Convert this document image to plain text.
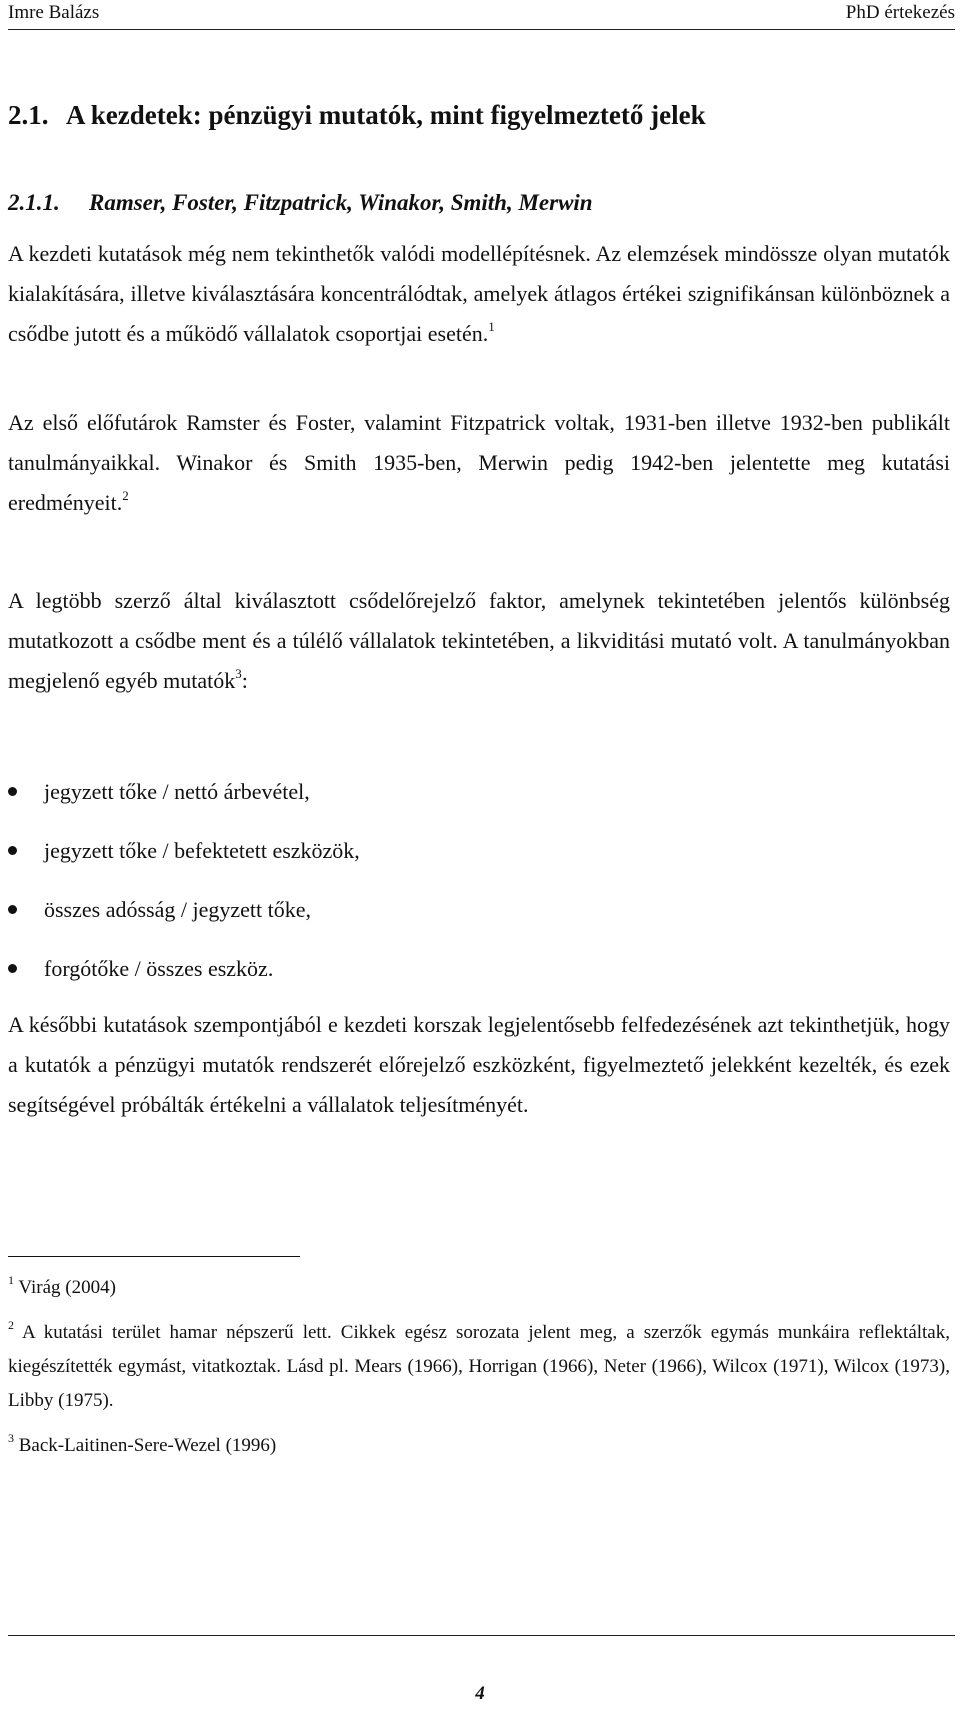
Imre Balázs	PhD értekezés
2.1. A kezdetek: pénzügyi mutatók, mint figyelmeztető jelek
2.1.1. Ramser, Foster, Fitzpatrick, Winakor, Smith, Merwin

A kezdeti kutatások még nem tekinthetők valódi modellépítésnek. Az elemzések mindössze olyan mutatók kialakítására, illetve kiválasztására koncentrálódtak, amelyek átlagos értékei szignifikánsan különböznek a csődbe jutott és a működő vállalatok csoportjai esetén.$^1$

Az első előfutárok Ramster és Foster, valamint Fitzpatrick voltak, 1931-ben illetve 1932-ben publikált tanulmányaikkal. Winakor és Smith 1935-ben, Merwin pedig 1942-ben jelentette meg kutatási eredményeit.$^2$

A legtöbb szerző által kiválasztott csődelőrejelző faktor, amelynek tekintetében jelentős különbség mutatkozott a csődbe ment és a túlélő vállalatok tekintetében, a likviditási mutató volt. A tanulmányokban megjelenő egyéb mutatók$^3$:

jegyzett tőke / nettó árbevétel,
jegyzett tőke / befektetett eszközök,
összes adósság / jegyzett tőke,
forgótőke / összes eszköz.

A későbbi kutatások szempontjából e kezdeti korszak legjelentősebb felfedezésének azt tekinthetjük, hogy a kutatók a pénzügyi mutatók rendszerét előrejelző eszközként, figyelmeztető jelekként kezelték, és ezek segítségével próbálták értékelni a vállalatok teljesítményét.

$^1$ Virág (2004)

$^2$ A kutatási terület hamar népszerű lett. Cikkek egész sorozata jelent meg, a szerzők egymás munkáira reflektáltak, kiegészítették egymást, vitatkoztak. Lásd pl. Mears (1966), Horrigan (1966), Neter (1966), Wilcox (1971), Wilcox (1973), Libby (1975).

$^3$ Back-Laitinen-Sere-Wezel (1996)

4
